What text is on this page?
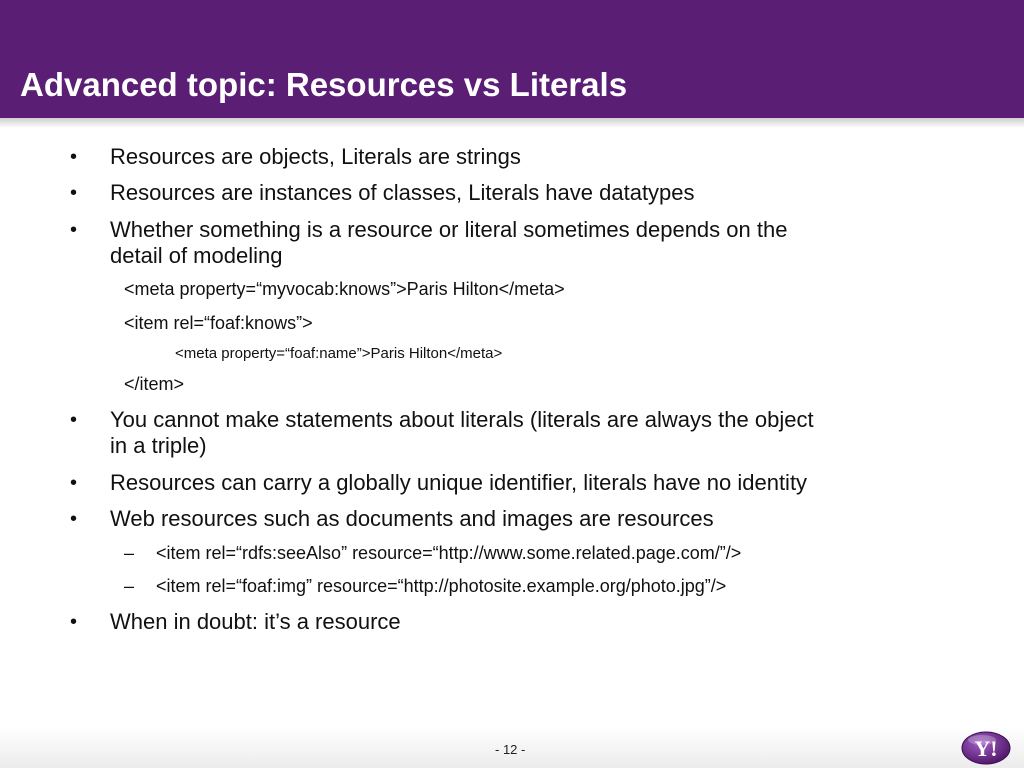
Advanced topic: Resources vs Literals
• Resources are objects, Literals are strings
• Resources are instances of classes, Literals have datatypes
• Whether something is a resource or literal sometimes depends on the
detail of modeling
<meta property=“myvocab:knows”>Paris Hilton</meta>
<item rel=“foaf:knows”>
<meta property=“foaf:name”>Paris Hilton</meta>
</item>
• You cannot make statements about literals (literals are always the object
in a triple)
• Resources can carry a globally unique identifier, literals have no identity
• Web resources such as documents and images are resources
– <item rel=“rdfs:seeAlso” resource=“http://www.some.related.page.com/”/>
– <item rel=“foaf:img” resource=“http://photosite.example.org/photo.jpg”/>
• When in doubt: it’s a resource
- 12 -	Y!
